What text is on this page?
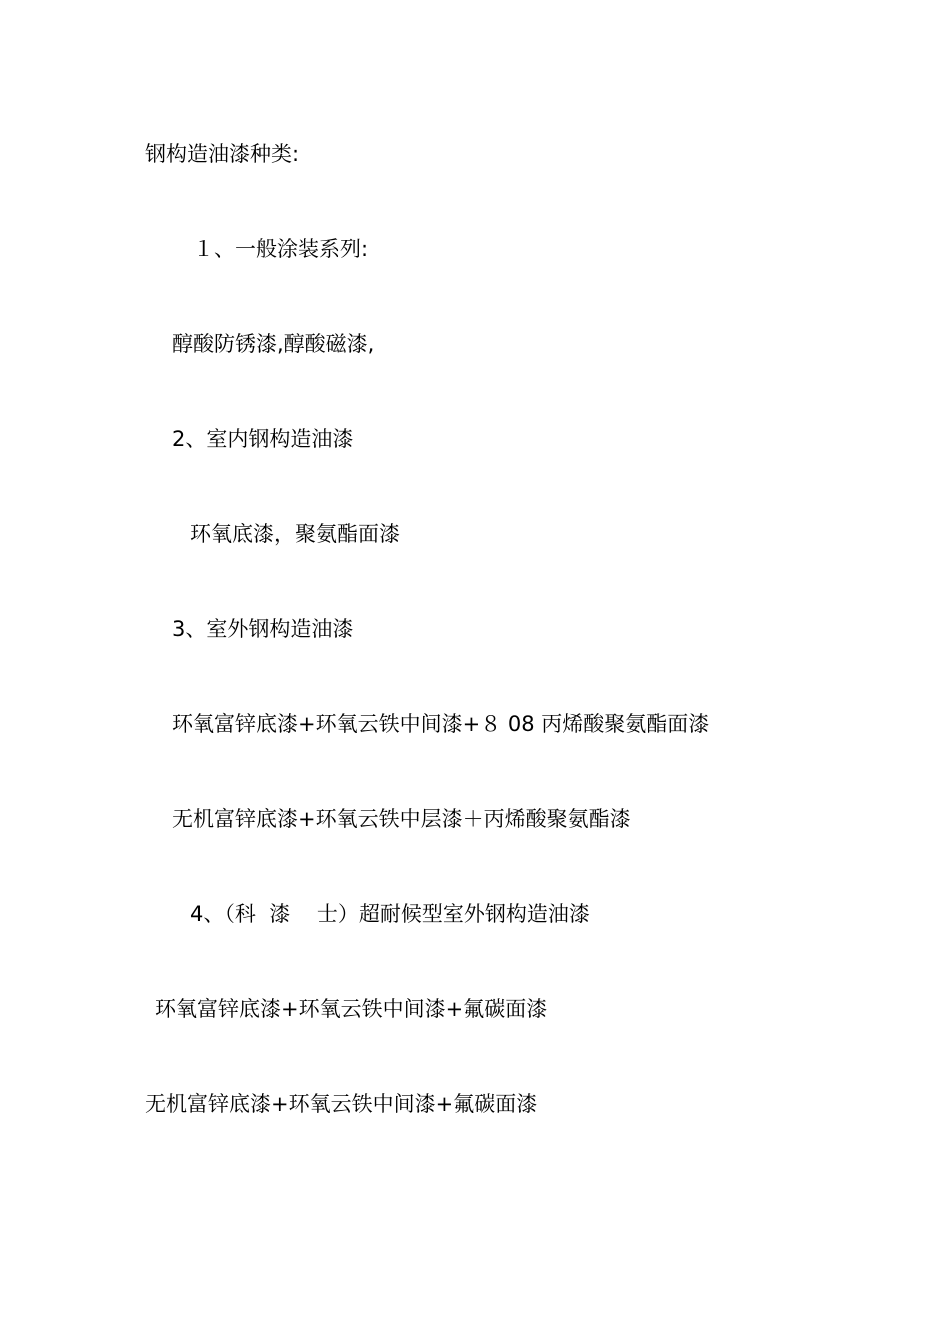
钢构造油漆种类:
１、一般涂装系列:
醇酸防锈漆,醇酸磁漆,
2、室内钢构造油漆
环氧底漆，聚氨酯面漆
3、室外钢构造油漆
环氧富锌底漆+环氧云铁中间漆+８ 08 丙烯酸聚氨酯面漆
无机富锌底漆+环氧云铁中层漆＋丙烯酸聚氨酯漆
4、（科  漆    士）超耐候型室外钢构造油漆
环氧富锌底漆+环氧云铁中间漆+氟碳面漆
无机富锌底漆+环氧云铁中间漆+氟碳面漆
